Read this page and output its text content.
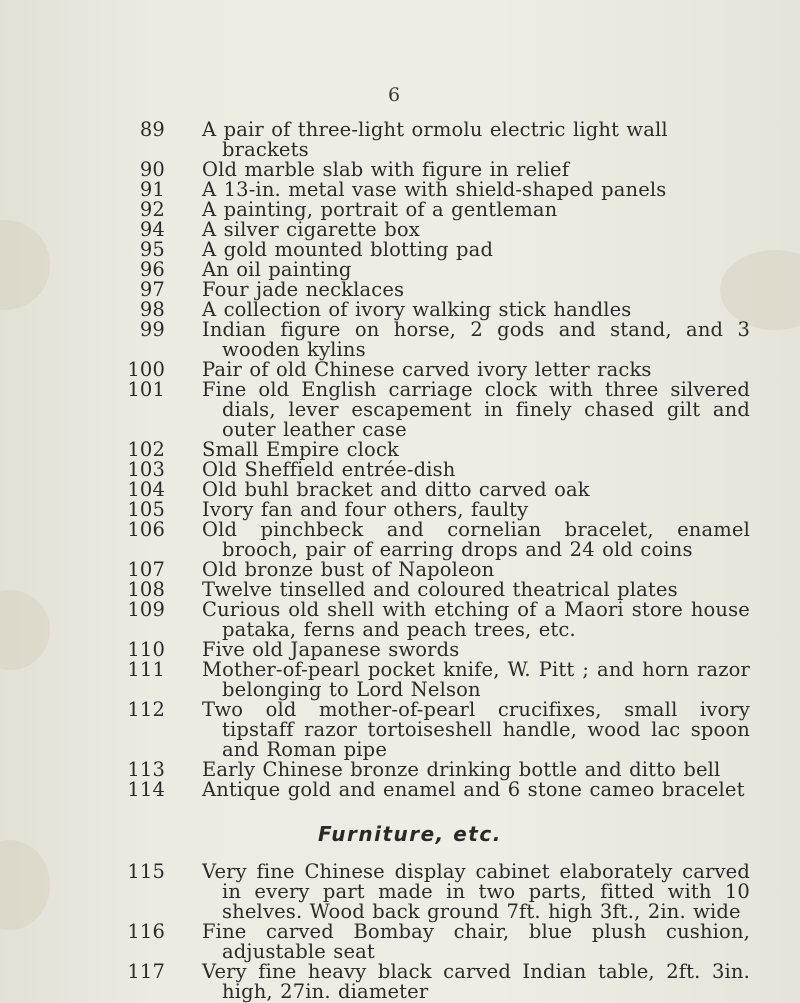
6
89 A pair of three-light ormolu electric light wall brackets
90 Old marble slab with figure in relief
91 A 13-in. metal vase with shield-shaped panels
92 A painting, portrait of a gentleman
94 A silver cigarette box
95 A gold mounted blotting pad
96 An oil painting
97 Four jade necklaces
98 A collection of ivory walking stick handles
99 Indian figure on horse, 2 gods and stand, and 3 wooden kylins
100 Pair of old Chinese carved ivory letter racks
101 Fine old English carriage clock with three silvered dials, lever escapement in finely chased gilt and outer leather case
102 Small Empire clock
103 Old Sheffield entrée-dish
104 Old buhl bracket and ditto carved oak
105 Ivory fan and four others, faulty
106 Old pinchbeck and cornelian bracelet, enamel brooch, pair of earring drops and 24 old coins
107 Old bronze bust of Napoleon
108 Twelve tinselled and coloured theatrical plates
109 Curious old shell with etching of a Maori store house pataka, ferns and peach trees, etc.
110 Five old Japanese swords
111 Mother-of-pearl pocket knife, W. Pitt ; and horn razor belonging to Lord Nelson
112 Two old mother-of-pearl crucifixes, small ivory tipstaff razor tortoiseshell handle, wood lac spoon and Roman pipe
113 Early Chinese bronze drinking bottle and ditto bell
114 Antique gold and enamel and 6 stone cameo bracelet
Furniture, etc.
115 Very fine Chinese display cabinet elaborately carved in every part made in two parts, fitted with 10 shelves. Wood back ground 7ft. high 3ft., 2in. wide
116 Fine carved Bombay chair, blue plush cushion, adjustable seat
117 Very fine heavy black carved Indian table, 2ft. 3in. high, 27in. diameter
